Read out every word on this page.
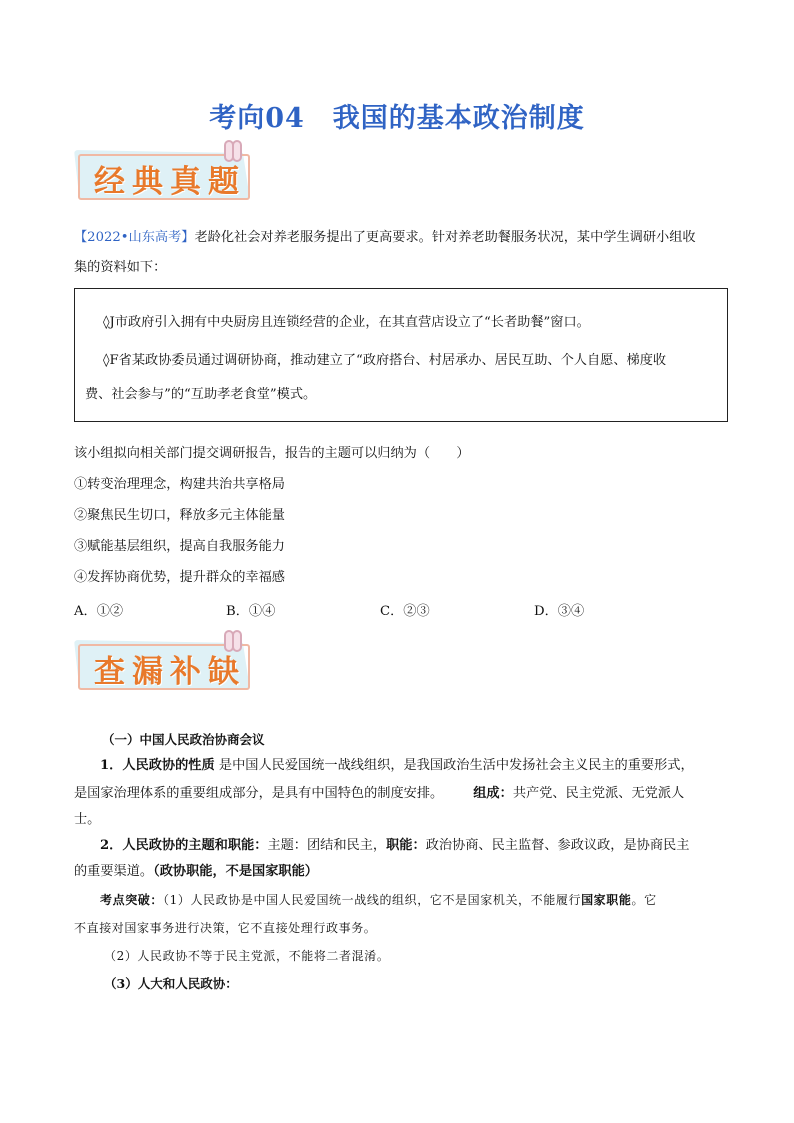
考向04　我国的基本政治制度
经典真题
【2022•山东高考】老龄化社会对养老服务提出了更高要求。针对养老助餐服务状况，某中学生调研小组收
集的资料如下：
◊J市政府引入拥有中央厨房且连锁经营的企业，在其直营店设立了“长者助餐”窗口。
◊F省某政协委员通过调研协商，推动建立了“政府搭台、村居承办、居民互助、个人自愿、梯度收
费、社会参与”的“互助孝老食堂”模式。
该小组拟向相关部门提交调研报告，报告的主题可以归纳为（　　）
①转变治理理念，构建共治共享格局
②聚焦民生切口，释放多元主体能量
③赋能基层组织，提高自我服务能力
④发挥协商优势，提升群众的幸福感
A．①②	B．①④	C．②③	D．③④
查漏补缺
（一）中国人民政治协商会议
1．人民政协的性质 是中国人民爱国统一战线组织，是我国政治生活中发扬社会主义民主的重要形式，
是国家治理体系的重要组成部分，是具有中国特色的制度安排。 组成：共产党、民主党派、无党派人
士。
2．人民政协的主题和职能：主题：团结和民主，职能：政治协商、民主监督、参政议政，是协商民主
的重要渠道。（政协职能，不是国家职能）
考点突破：（1）人民政协是中国人民爱国统一战线的组织，它不是国家机关，不能履行国家职能。它
不直接对国家事务进行决策，它不直接处理行政事务。
（2）人民政协不等于民主党派，不能将二者混淆。
（3）人大和人民政协：
